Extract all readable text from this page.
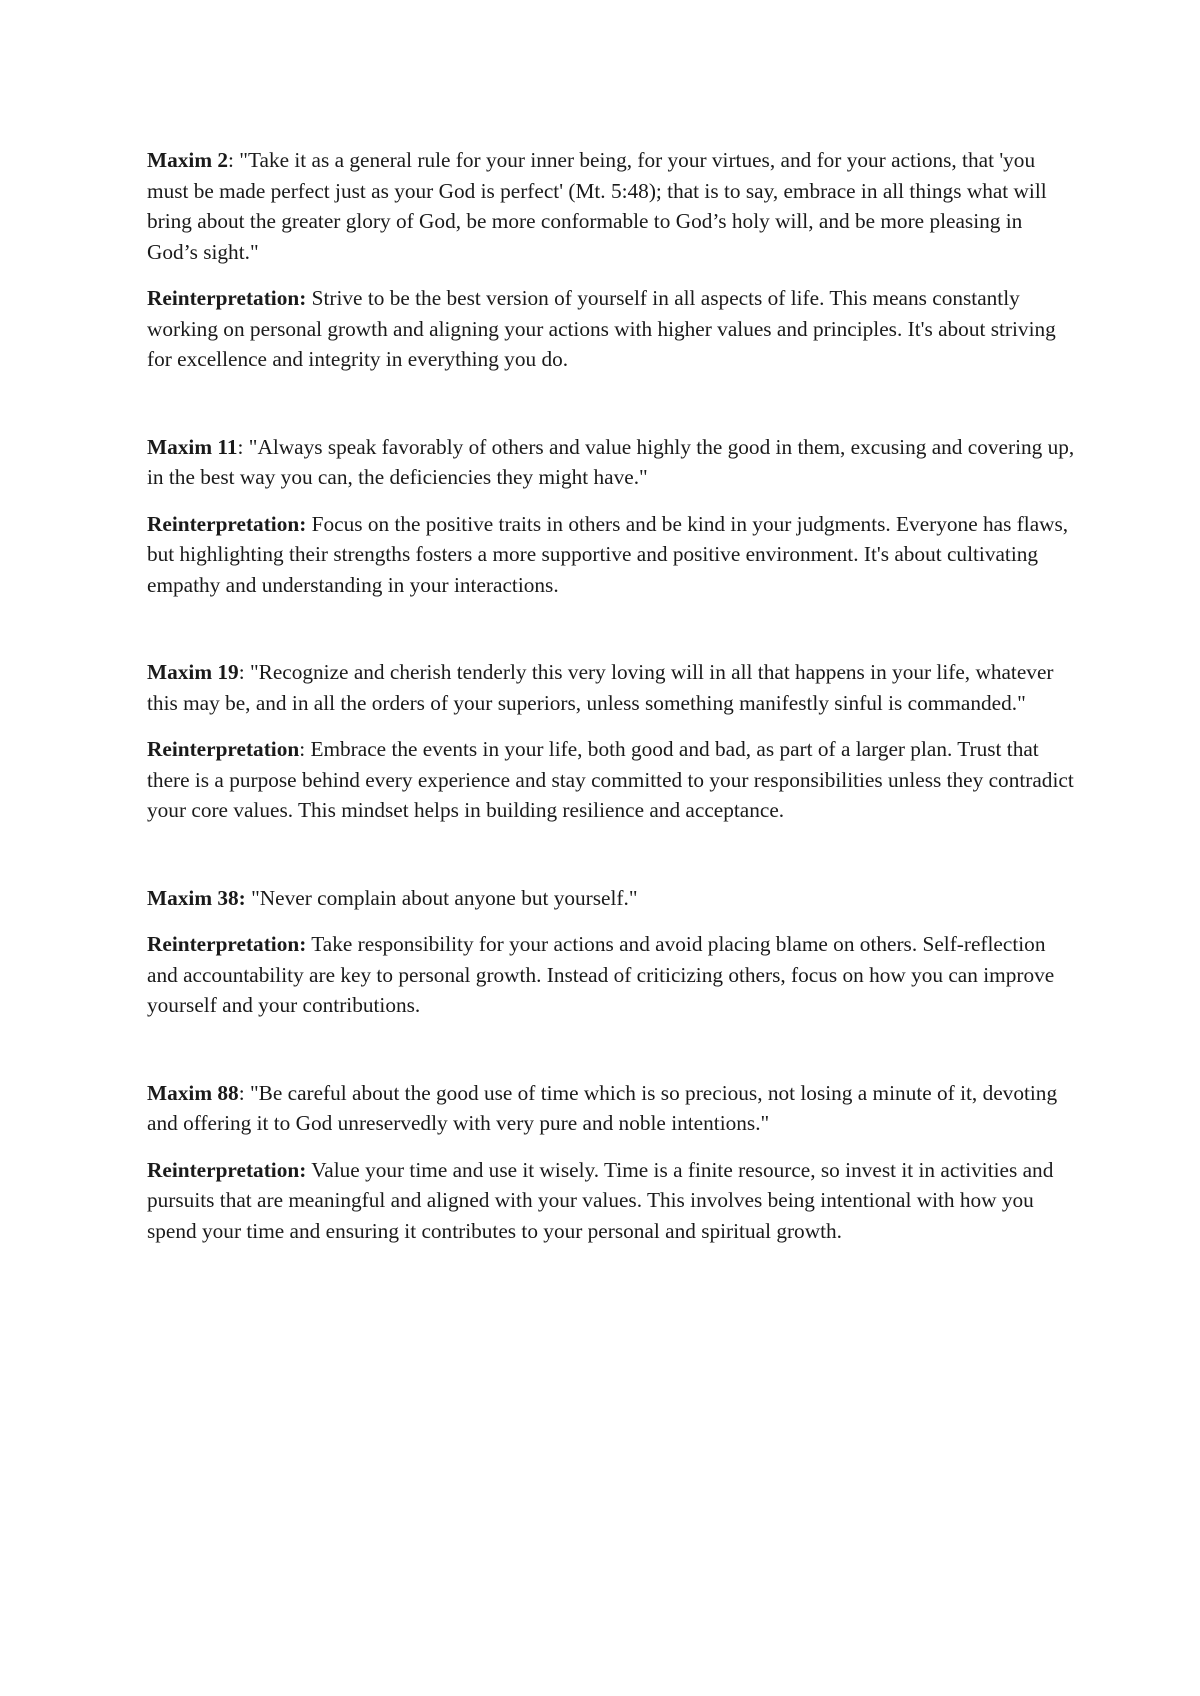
Maxim 2: "Take it as a general rule for your inner being, for your virtues, and for your actions, that 'you must be made perfect just as your God is perfect' (Mt. 5:48); that is to say, embrace in all things what will bring about the greater glory of God, be more conformable to God’s holy will, and be more pleasing in God’s sight."

Reinterpretation: Strive to be the best version of yourself in all aspects of life. This means constantly working on personal growth and aligning your actions with higher values and principles. It's about striving for excellence and integrity in everything you do.

Maxim 11: "Always speak favorably of others and value highly the good in them, excusing and covering up, in the best way you can, the deficiencies they might have."

Reinterpretation: Focus on the positive traits in others and be kind in your judgments. Everyone has flaws, but highlighting their strengths fosters a more supportive and positive environment. It's about cultivating empathy and understanding in your interactions.

Maxim 19: "Recognize and cherish tenderly this very loving will in all that happens in your life, whatever this may be, and in all the orders of your superiors, unless something manifestly sinful is commanded."

Reinterpretation: Embrace the events in your life, both good and bad, as part of a larger plan. Trust that there is a purpose behind every experience and stay committed to your responsibilities unless they contradict your core values. This mindset helps in building resilience and acceptance.

Maxim 38: "Never complain about anyone but yourself."

Reinterpretation: Take responsibility for your actions and avoid placing blame on others. Self-reflection and accountability are key to personal growth. Instead of criticizing others, focus on how you can improve yourself and your contributions.

Maxim 88: "Be careful about the good use of time which is so precious, not losing a minute of it, devoting and offering it to God unreservedly with very pure and noble intentions."

Reinterpretation: Value your time and use it wisely. Time is a finite resource, so invest it in activities and pursuits that are meaningful and aligned with your values. This involves being intentional with how you spend your time and ensuring it contributes to your personal and spiritual growth.
